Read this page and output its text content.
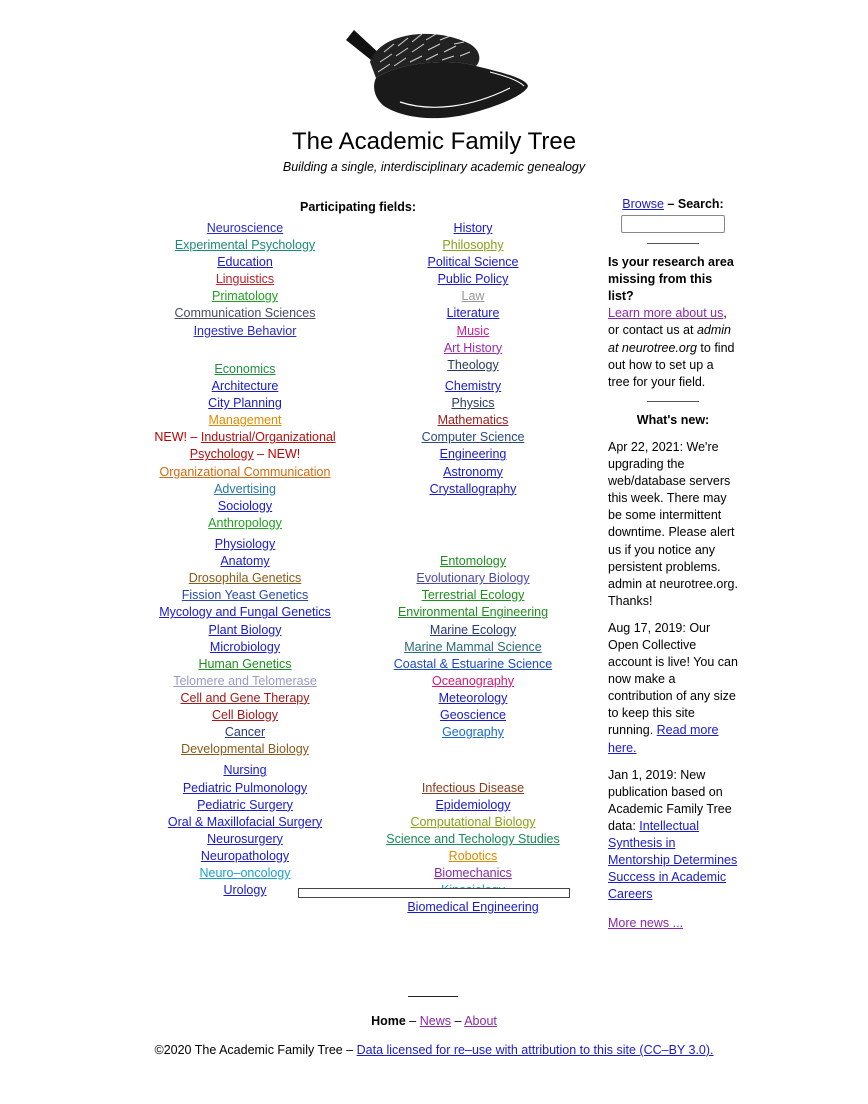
The Academic Family Tree
Building a single, interdisciplinary academic genealogy
Participating fields:
Neuroscience
Experimental Psychology
Education
Linguistics
Primatology
Communication Sciences
Ingestive Behavior
Economics
Architecture
City Planning
Management
NEW! – Industrial/Organizational
Psychology – NEW!
Organizational Communication
Advertising
Sociology
Anthropology
Physiology
Anatomy
Drosophila Genetics
Fission Yeast Genetics
Mycology and Fungal Genetics
Plant Biology
Microbiology
Human Genetics
Telomere and Telomerase
Cell and Gene Therapy
Cell Biology
Cancer
Developmental Biology
Nursing
Pediatric Pulmonology
Pediatric Surgery
Oral & Maxillofacial Surgery
Neurosurgery
Neuropathology
Neuro–oncology
Urology
History
Philosophy
Political Science
Public Policy
Law
Literature
Music
Art History
Theology
Chemistry
Physics
Mathematics
Computer Science
Engineering
Astronomy
Crystallography
Entomology
Evolutionary Biology
Terrestrial Ecology
Environmental Engineering
Marine Ecology
Marine Mammal Science
Coastal & Estuarine Science
Oceanography
Meteorology
Geoscience
Geography
Infectious Disease
Epidemiology
Computational Biology
Science and Techology Studies
Robotics
Biomechanics
Biomedical Engineering
Browse – Search:
Is your research area missing from this list?
Learn more about us, or contact us at admin at neurotree.org to find out how to set up a tree for your field.
What's new:
Apr 22, 2021: We're upgrading the web/database servers this week. There may be some intermittent downtime. Please alert us if you notice any persistent problems. admin at neurotree.org. Thanks!
Aug 17, 2019: Our Open Collective account is live! You can now make a contribution of any size to keep this site running. Read more here.
Jan 1, 2019: New publication based on Academic Family Tree data: Intellectual Synthesis in Mentorship Determines Success in Academic Careers
More news ...
Home – News – About
©2020 The Academic Family Tree – Data licensed for re–use with attribution to this site (CC–BY 3.0).
